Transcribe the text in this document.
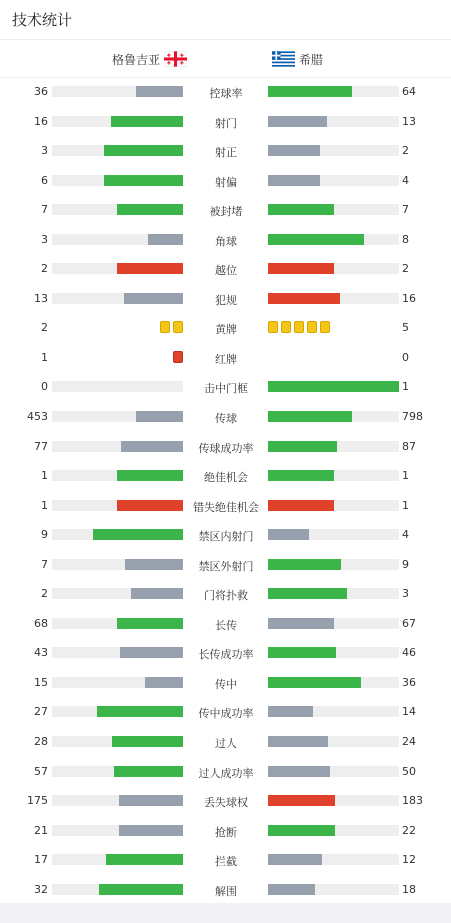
技术统计
格鲁吉亚	希腊
36	控球率	64
16	射门	13
3	射正	2
6	射偏	4
7	被封堵	7
3	角球	8
2	越位	2
13	犯规	16
2	黄牌	5
1	红牌	0
0	击中门框	1
453	传球	798
77	传球成功率	87
1	绝佳机会	1
1	错失绝佳机会	1
9	禁区内射门	4
7	禁区外射门	9
2	门将扑救	3
68	长传	67
43	长传成功率	46
15	传中	36
27	传中成功率	14
28	过人	24
57	过人成功率	50
175	丢失球权	183
21	抢断	22
17	拦截	12
32	解围	18
